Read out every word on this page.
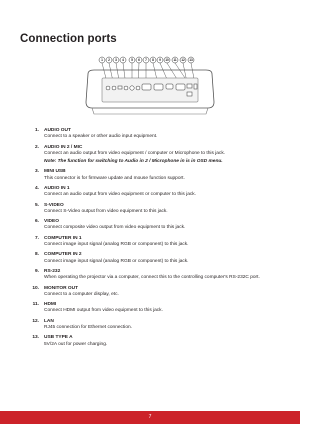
Connection ports
1 2 3 4 5 6 7 8 9 10 11 12 13
1.	AUDIO OUT
Connect to a speaker or other audio input equipment.
2.	AUDIO IN 2 / MIC
Connect an audio output from video equipment / computer or Microphone to this jack.
Note: The function for switching to Audio in 2 / Microphone in is in OSD menu.
3.	MINI USB
This connector is for firmware update and mouse function support.
4.	AUDIO IN 1
Connect an audio output from video equipment or computer to this jack.
5.	S-VIDEO
Connect S-Video output from video equipment to this jack.
6.	VIDEO
Connect composite video output from video equipment to this jack.
7.	COMPUTER IN 1
Connect image input signal (analog RGB or component) to this jack.
8.	COMPUTER IN 2
Connect image input signal (analog RGB or component) to this jack.
9.	RS-232
When operating the projector via a computer, connect this to the controlling computer's RS-232C port.
10.	MONITOR OUT
Connect to a computer display, etc.
11.	HDMI
Connect HDMI output from video equipment to this jack.
12.	LAN
RJ45 connection for Ethernet connection.
13.	USB TYPE A
5V/2A out for power charging.
7
